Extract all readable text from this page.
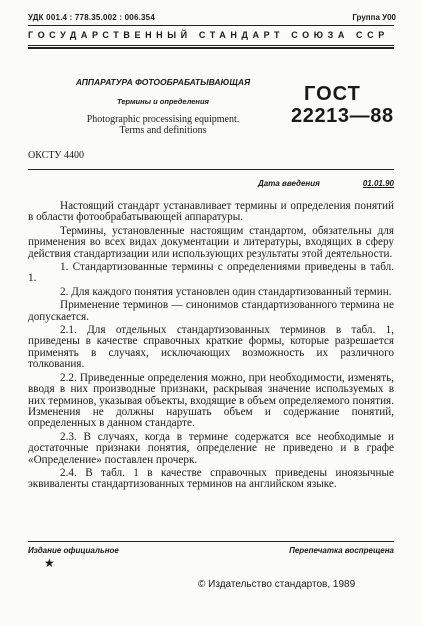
УДК 001.4 : 778.35.002 : 006.354	Группа У00
ГОСУДАРСТВЕННЫЙ СТАНДАРТ СОЮЗА ССР
АППАРАТУРА ФОТООБРАБАТЫВАЮЩАЯ
Термины и определения
Photographic processising equipment.
Terms and definitions
ГОСТ
22213—88
ОКСТУ 4400
Дата введения	01.01.90

Настоящий стандарт устанавливает термины и определения понятий в области фотообрабатывающей аппаратуры.

Термины, установленные настоящим стандартом, обязательны для применения во всех видах документации и литературы, входящих в сферу действия стандартизации или использующих результаты этой деятельности.

1. Стандартизованные термины с определениями приведены в табл. 1.

2. Для каждого понятия установлен один стандартизованный термин.

Применение терминов — синонимов стандартизованного термина не допускается.

2.1. Для отдельных стандартизованных терминов в табл. 1, приведены в качестве справочных краткие формы, которые разрешается применять в случаях, исключающих возможность их различного толкования.

2.2. Приведенные определения можно, при необходимости, изменять, вводя в них производные признаки, раскрывая значение используемых в них терминов, указывая объекты, входящие в объем определяемого понятия. Изменения не должны нарушать объем и содержание понятий, определенных в данном стандарте.

2.3. В случаях, когда в термине содержатся все необходимые и достаточные признаки понятия, определение не приведено и в графе «Определение» поставлен прочерк.

2.4. В табл. 1 в качестве справочных приведены иноязычные эквиваленты стандартизованных терминов на английском языке.

Издание официальное
★
Перепечатка воспрещена
© Издательство стандартов, 1989
